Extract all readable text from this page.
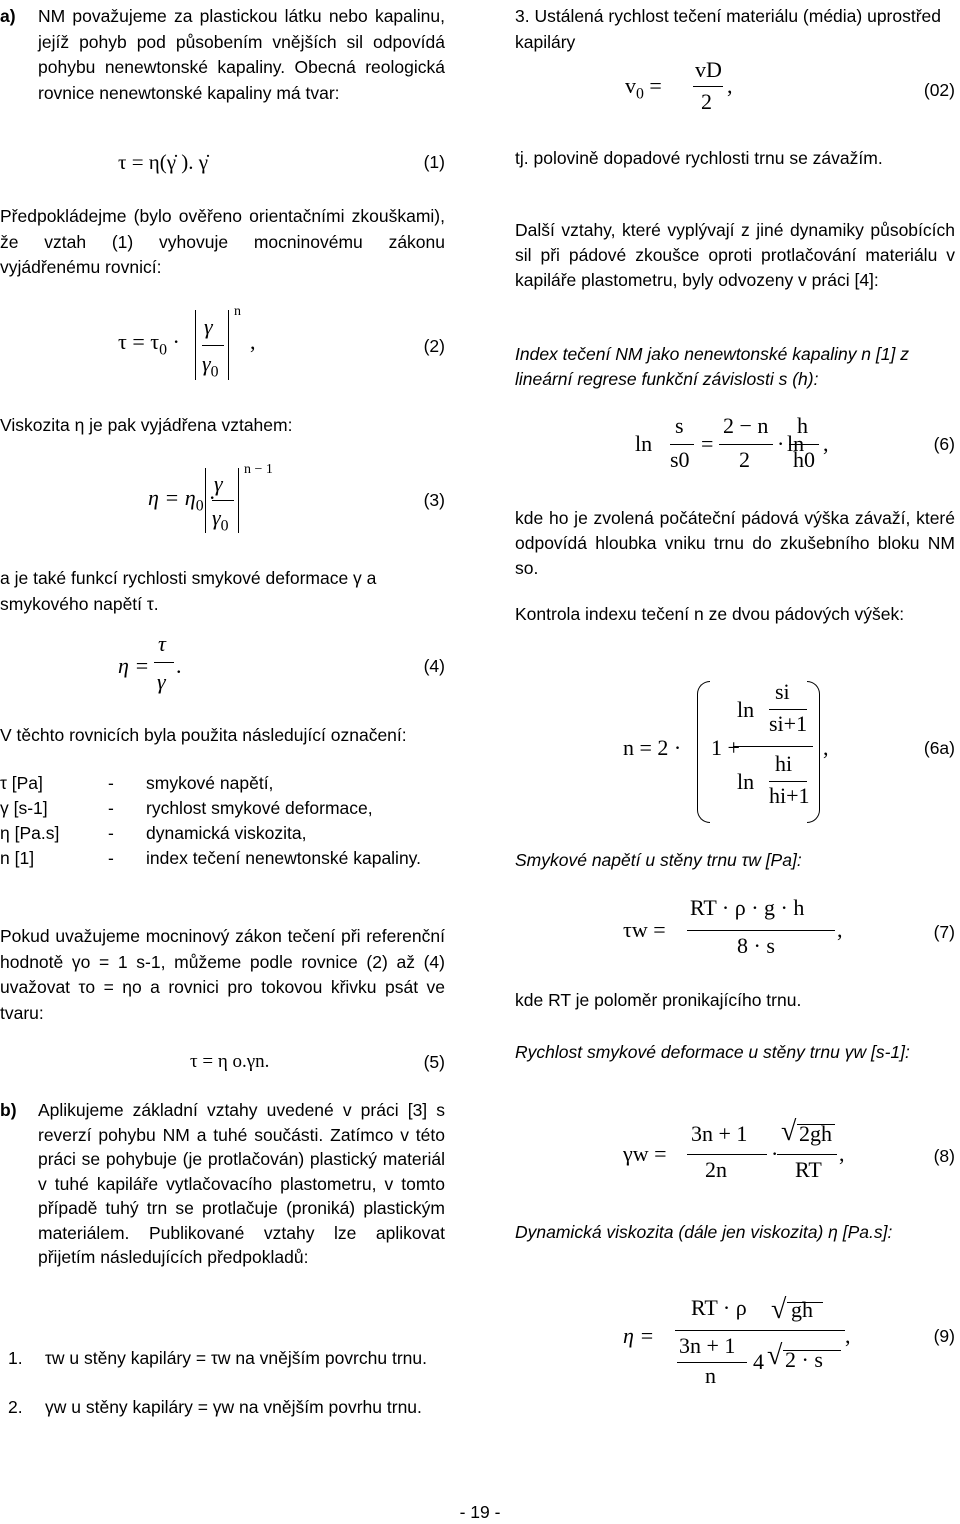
a) NM považujeme za plastickou látku nebo kapalinu, jejíž pohyb pod působením vnějších sil odpovídá pohybu nenewtonské kapaliny. Obecná reologická rovnice nenewtonské kapaliny má tvar:
τ = η(γ̇ ). γ̇	(1)
Předpokládejme (bylo ověřeno orientačními zkouškami), že vztah (1) vyhovuje mocninovému zákonu vyjádřenému rovnicí:
$\tau = \tau_0$ ·
γ
$\gamma_0$
n
,	(2)
Viskozita η je pak vyjádřena vztahem:
$\eta = \eta_0$ ·
γ
$\gamma_0$
n − 1
(3)
a je také funkcí rychlosti smykové deformace γ a smykového napětí τ.
η =
τ
γ
.	(4)
V těchto rovnicích byla použita následující označení:
τ [Pa]	-	smykové napětí,
γ [s-1]	-	rychlost smykové deformace,
η [Pa.s]	-	dynamická viskozita,
n [1]	-	index tečení nenewtonské kapaliny.
Pokud uvažujeme mocninový zákon tečení při referenční hodnotě γo = 1 s-1, můžeme podle rovnice (2) až (4) uvažovat τo = ηo a rovnici pro tokovou křivku psát ve tvaru:
τ = η o.γn.	(5)
b) Aplikujeme základní vztahy uvedené v práci [3] s reverzí pohybu NM a tuhé součásti. Zatímco v této práci se pohybuje (je protlačován) plastický materiál v tuhé kapiláře vytlačovacího plastometru, v tomto případě tuhý trn se protlačuje (proniká) plastickým materiálem. Publikované vztahy lze aplikovat přijetím následujících předpokladů:
1. τw u stěny kapiláry = τw na vnějším povrchu trnu.
2. γw u stěny kapiláry = γw na vnějším povrhu trnu.
3. Ustálená rychlost tečení materiálu (média) uprostřed kapiláry
$v_0$ =
vD
2
,	(02)
tj. polovině dopadové rychlosti trnu se závažím.
Další vztahy, které vyplývají z jiné dynamiky působících sil při pádové zkoušce oproti protlačování materiálu v kapiláře plastometru, byly odvozeny v práci [4]:
Index tečení NM jako nenewtonské kapaliny n [1] z lineární regrese funkční závislosti s (h):
ln
s
s0
=
2 − n
2
· ln
h
h0
,	(6)
kde ho je zvolená počáteční pádová výška závaží, které odpovídá hloubka vniku trnu do zkušebního bloku NM so.
Kontrola indexu tečení n ze dvou pádových výšek:
n = 2 · 1 +
ln
si
si+1
ln
hi
hi+1
,	(6a)
Smykové napětí u stěny trnu τw [Pa]:
τw =
RT · ρ · g · h
8 · s
,	(7)
kde RT je poloměr pronikajícího trnu.
Rychlost smykové deformace u stěny trnu γw [s-1]:
γw =
3n + 1
2n
·
√ 2gh
RT
,	(8)
Dynamická viskozita (dále jen viskozita) η [Pa.s]:
η =
RT · ρ
3n + 1
n
4 √ 2 · s
√ gh
,	(9)
- 19 -
